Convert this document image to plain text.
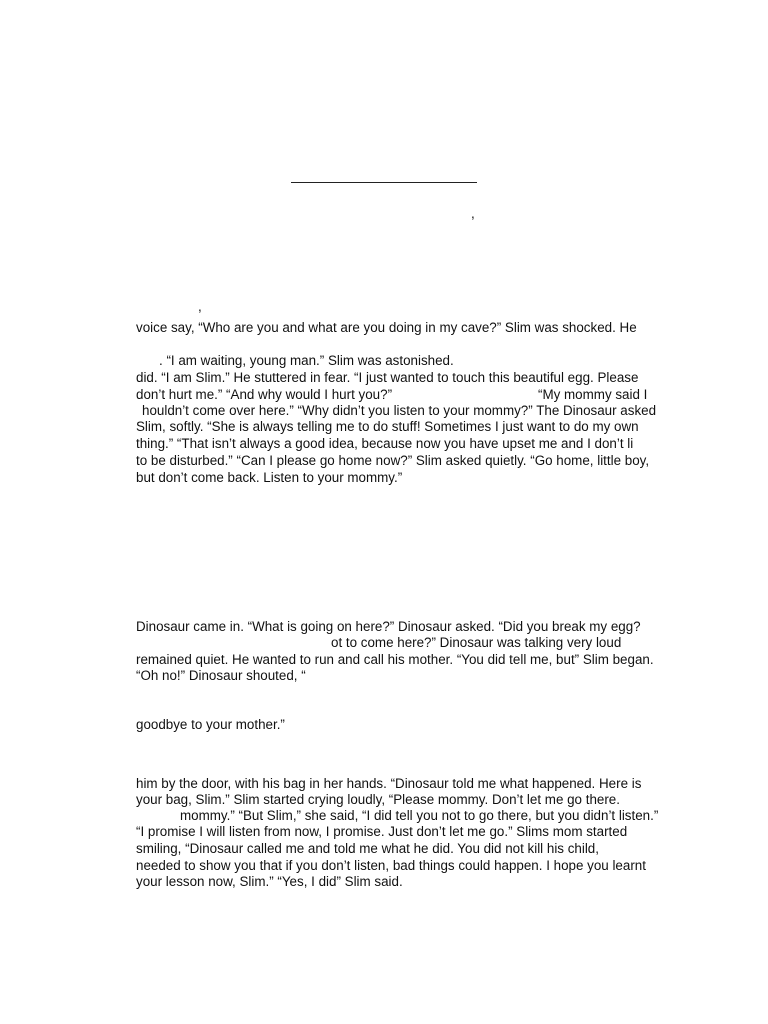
,

,

voice say, “Who are you and what are you doing in my cave?” Slim was shocked. He

. “I am waiting, young man.” Slim was astonished.

did. “I am Slim.” He stuttered in fear. “I just wanted to touch this beautiful egg. Please

don’t hurt me.” “And why would I hurt you?”	“My mommy said I

houldn’t come over here.” “Why didn’t you listen to your mommy?” The Dinosaur asked

Slim, softly. “She is always telling me to do stuff! Sometimes I just want to do my own

thing.” “That isn’t always a good idea, because now you have upset me and I don’t li

to be disturbed.” “Can I please go home now?” Slim asked quietly. “Go home, little boy,

but don’t come back. Listen to your mommy.”

Dinosaur came in. “What is going on here?” Dinosaur asked. “Did you break my egg?

ot to come here?” Dinosaur was talking very loud

remained quiet. He wanted to run and call his mother. “You did tell me, but” Slim began.

“Oh no!” Dinosaur shouted, “

goodbye to your mother.”

him by the door, with his bag in her hands. “Dinosaur told me what happened. Here is

your bag, Slim.” Slim started crying loudly, “Please mommy. Don’t let me go there.

mommy.” “But Slim,” she said, “I did tell you not to go there, but you didn’t listen.”

“I promise I will listen from now, I promise. Just don’t let me go.” Slims mom started

smiling, “Dinosaur called me and told me what he did. You did not kill his child,

needed to show you that if you don’t listen, bad things could happen. I hope you learnt

your lesson now, Slim.” “Yes, I did” Slim said.
